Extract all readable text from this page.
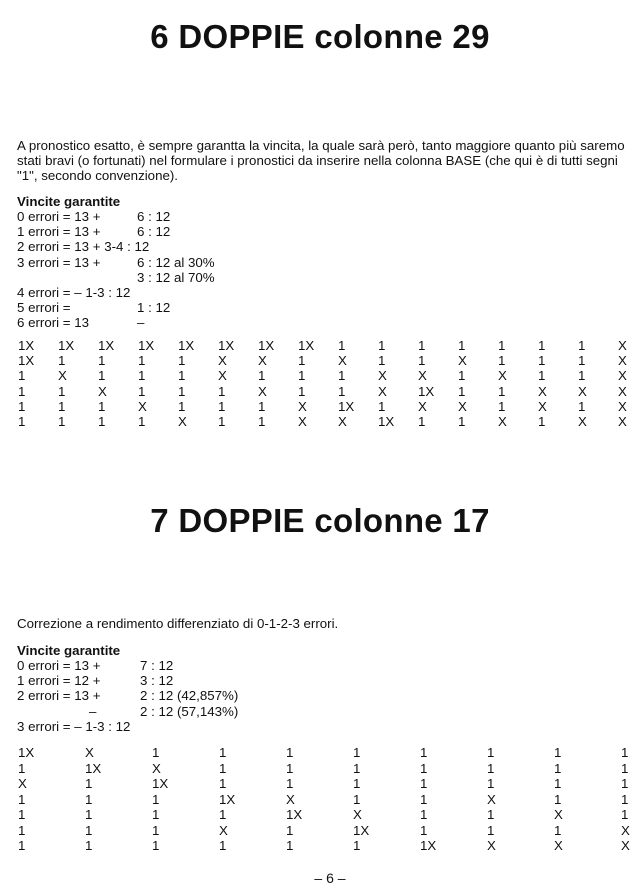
6 DOPPIE colonne 29
A pronostico esatto, è sempre garantta la vincita, la quale sarà però, tanto maggiore quanto più saremo stati bravi (o fortunati) nel formulare i pronostici da inserire nella colonna BASE (che qui è di tutti segni "1", secondo convenzione).
Vincite garantite
0 errori = 13 +	6 : 12
1 errori = 13 +	6 : 12
2 errori = 13 + 3-4 : 12
3 errori = 13 +	6 : 12 al 30%
3 : 12 al 70%
4 errori = – 1-3 : 12
5 errori =	1 : 12
6 errori = 13	–
1X 1X 1X 1X 1X 1X 1X 1X 1 1 1 1 1 1 1 X
1X 1 1 1 1 X X 1 X 1 1 X 1 1 1 X
1 X 1 1 1 X 1 1 1 X X 1 X 1 1 X
1 1 X 1 1 1 X 1 1 X 1X 1 1 X X X
1 1 1 X 1 1 1 X 1X 1 X X 1 X 1 X
1 1 1 1 X 1 1 X X 1X 1 1 X 1 X X
7 DOPPIE colonne 17
Correzione a rendimento differenziato di 0-1-2-3 errori.
Vincite garantite
0 errori = 13 +	7 : 12
1 errori = 12 +	3 : 12
2 errori = 13 +	2 : 12 (42,857%)
–	2 : 12 (57,143%)
3 errori = – 1-3 : 12
1X	X	1	1	1	1	1	1	1	1
1	1X	X	1	1	1	1	1	1	1
X	1	1X	1	1	1	1	1	1	1
1	1	1	1X	X	1	1	X	1	1
1	1	1	1	1X	X	1	1	X	1
1	1	1	X	1	1X	1	1	1	X
1	1	1	1	1	1	1X	X	X	X
– 6 –
